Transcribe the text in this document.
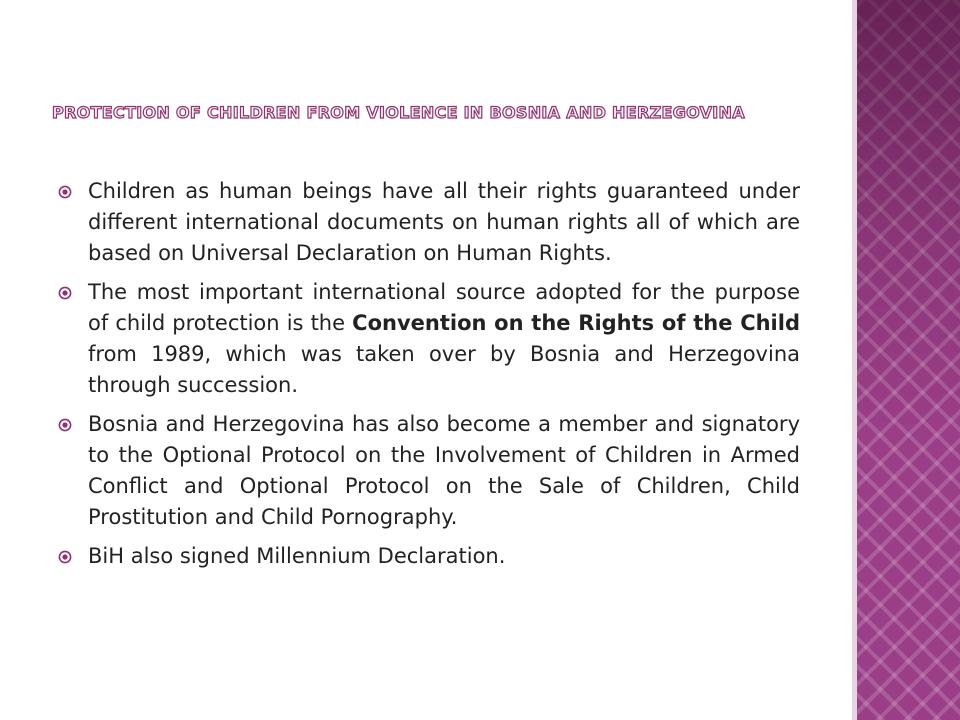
PROTECTION OF CHILDREN FROM VIOLENCE IN BOSNIA AND HERZEGOVINA
Children as human beings have all their rights guaranteed under different international documents on human rights all of which are based on Universal Declaration on Human Rights.
The most important international source adopted for the purpose of child protection is the Convention on the Rights of the Child from 1989, which was taken over by Bosnia and Herzegovina through succession.
Bosnia and Herzegovina has also become a member and signatory to the Optional Protocol on the Involvement of Children in Armed Conflict and Optional Protocol on the Sale of Children, Child Prostitution and Child Pornography.
BiH also signed Millennium Declaration.
